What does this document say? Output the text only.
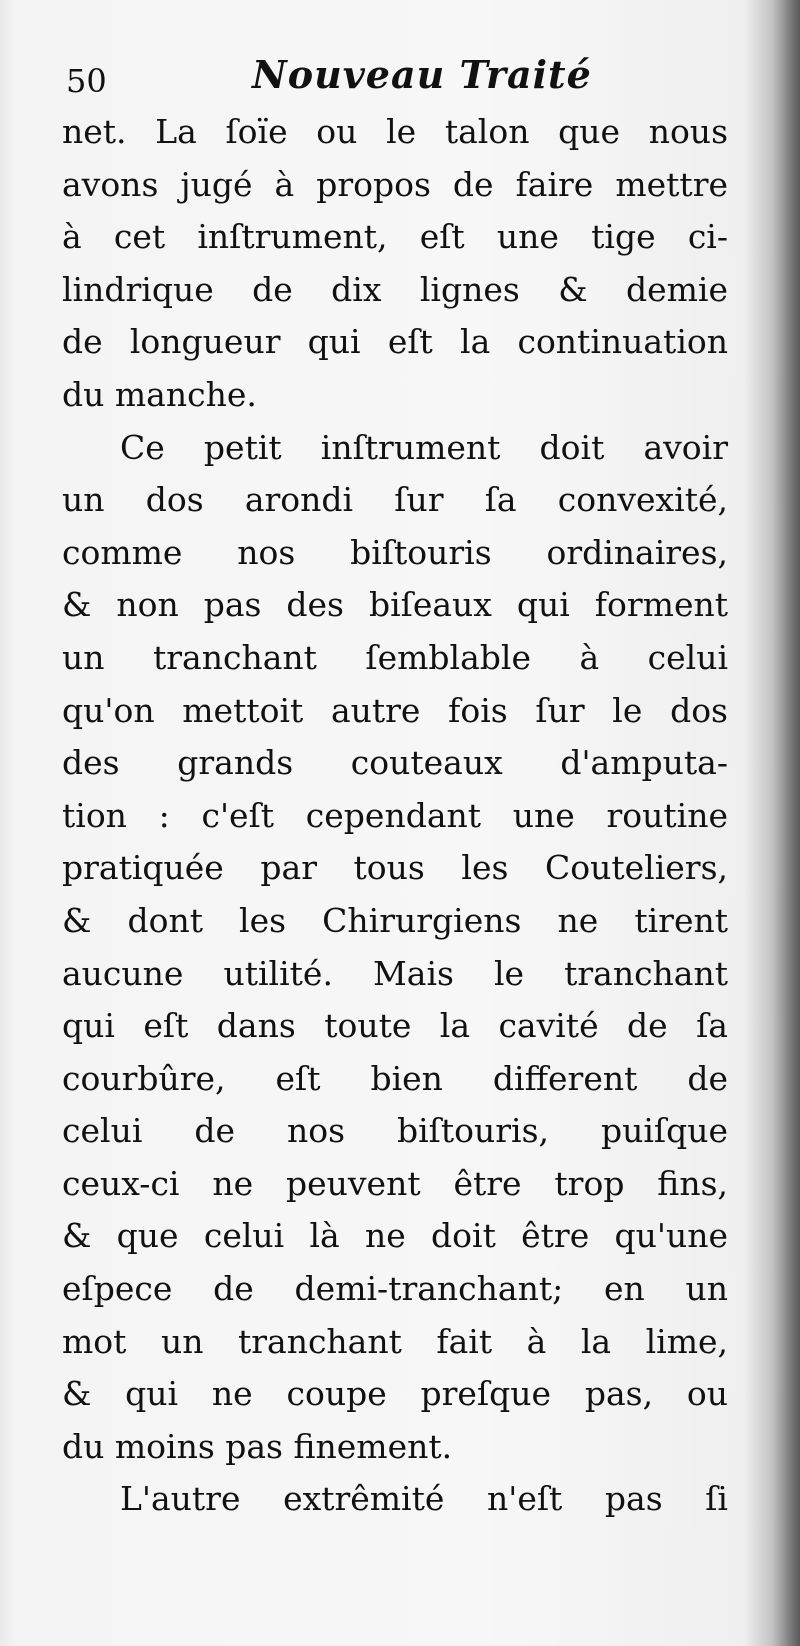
50	Nouveau Traité
net. La ſoïe ou le talon que nous
avons jugé à propos de faire mettre
à cet inſtrument, eſt une tige ci-
lindrique de dix lignes & demie
de longueur qui eſt la continuation
du manche.
Ce petit inſtrument doit avoir
un dos arondi ſur ſa convexité,
comme nos biſtouris ordinaires,
& non pas des biſeaux qui forment
un tranchant ſemblable à celui
qu'on mettoit autre fois ſur le dos
des grands couteaux d'amputa-
tion : c'eſt cependant une routine
pratiquée par tous les Couteliers,
& dont les Chirurgiens ne tirent
aucune utilité. Mais le tranchant
qui eſt dans toute la cavité de ſa
courbûre, eſt bien different de
celui de nos biſtouris, puiſque
ceux-ci ne peuvent être trop fins,
& que celui là ne doit être qu'une
eſpece de demi-tranchant; en un
mot un tranchant fait à la lime,
& qui ne coupe preſque pas, ou
du moins pas finement.
L'autre extrêmité n'eſt pas ſi
